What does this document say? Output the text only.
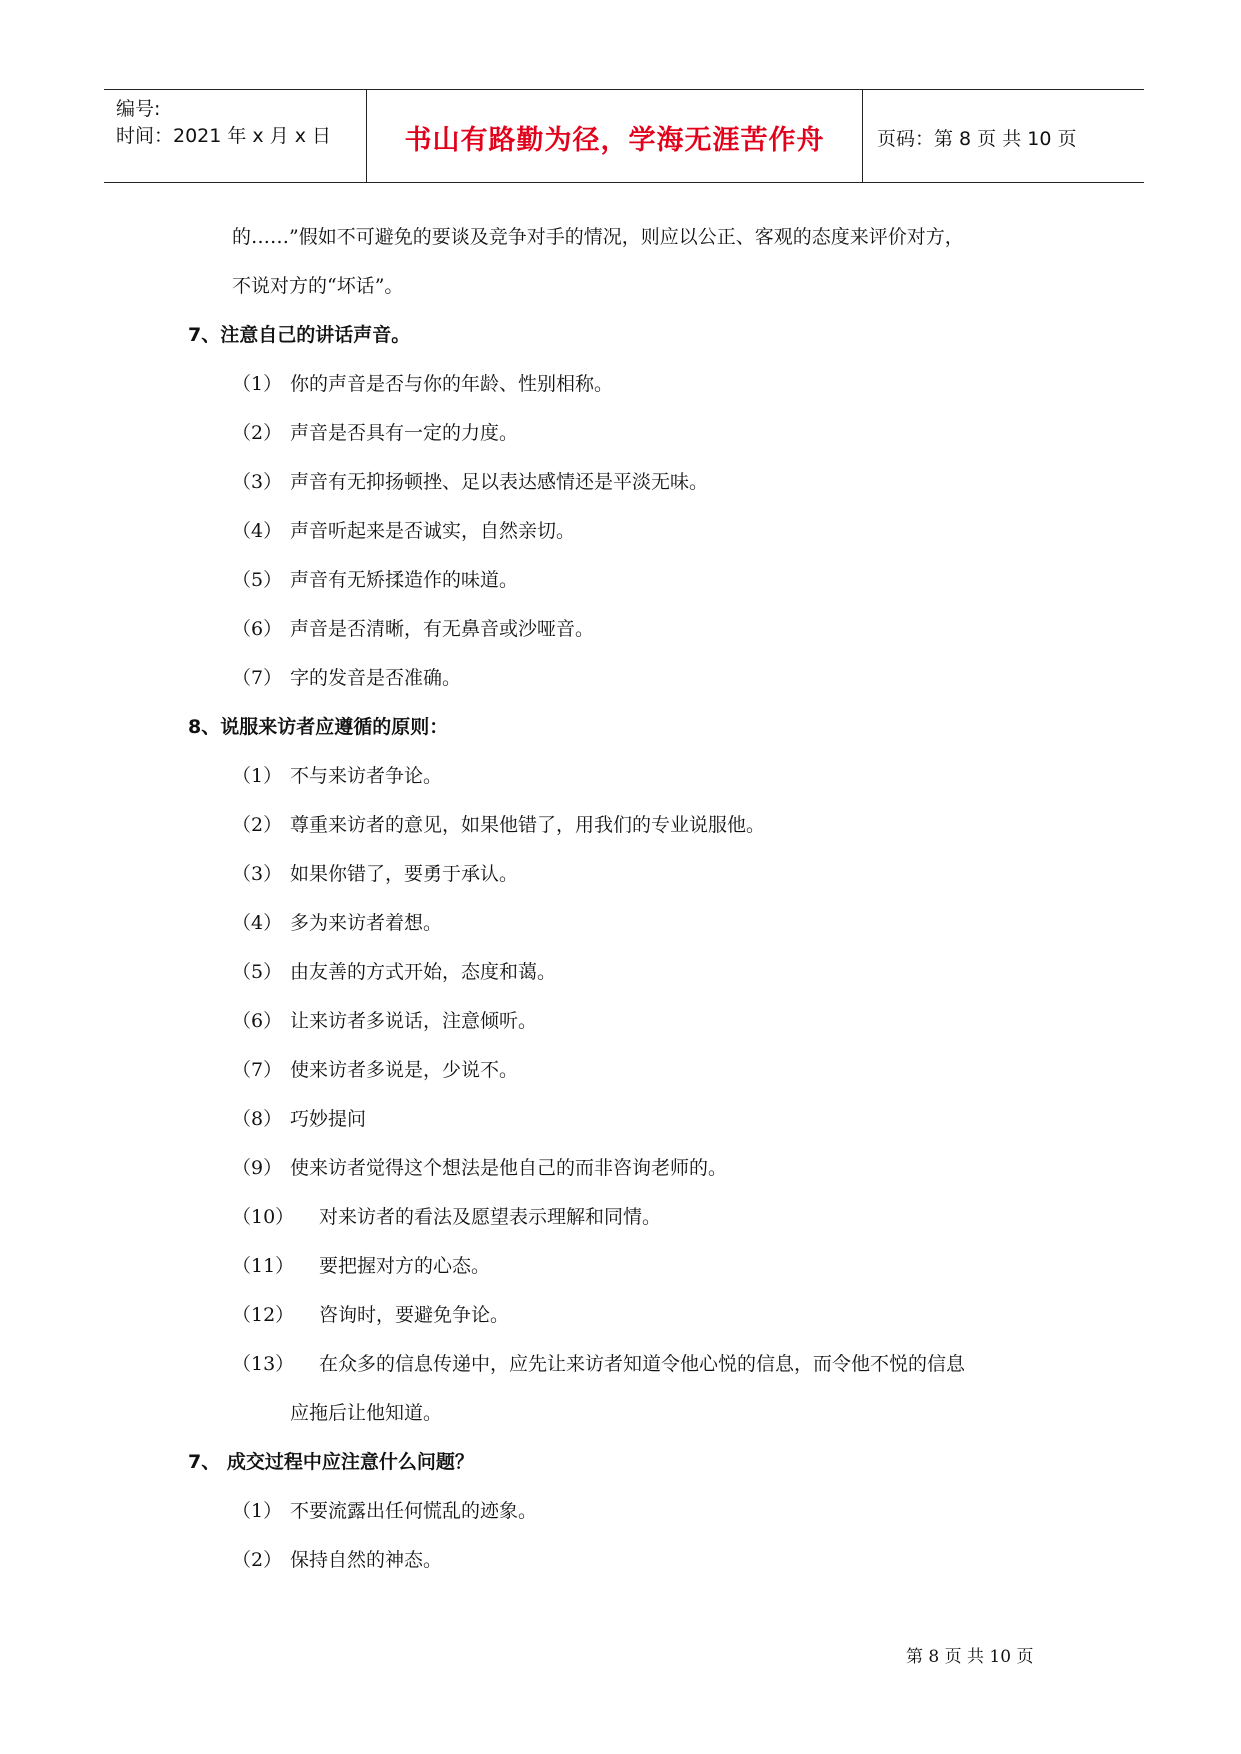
编号:
时间：2021 年 x 月 x 日	书山有路勤为径，学海无涯苦作舟	页码：第 8 页 共 10 页
的……”假如不可避免的要谈及竞争对手的情况，则应以公正、客观的态度来评价对方，
不说对方的“坏话”。
7、注意自己的讲话声音。
（1） 你的声音是否与你的年龄、性别相称。
（2） 声音是否具有一定的力度。
（3） 声音有无抑扬顿挫、足以表达感情还是平淡无味。
（4） 声音听起来是否诚实，自然亲切。
（5） 声音有无矫揉造作的味道。
（6） 声音是否清晰，有无鼻音或沙哑音。
（7） 字的发音是否准确。
8、说服来访者应遵循的原则：
（1） 不与来访者争论。
（2） 尊重来访者的意见，如果他错了，用我们的专业说服他。
（3） 如果你错了，要勇于承认。
（4） 多为来访者着想。
（5） 由友善的方式开始，态度和蔼。
（6） 让来访者多说话，注意倾听。
（7） 使来访者多说是，少说不。
（8） 巧妙提问
（9） 使来访者觉得这个想法是他自己的而非咨询老师的。
（10） 对来访者的看法及愿望表示理解和同情。
（11） 要把握对方的心态。
（12） 咨询时，要避免争论。
（13） 在众多的信息传递中，应先让来访者知道令他心悦的信息，而令他不悦的信息
应拖后让他知道。
7、 成交过程中应注意什么问题？
（1） 不要流露出任何慌乱的迹象。
（2） 保持自然的神态。
第 8 页 共 10 页
